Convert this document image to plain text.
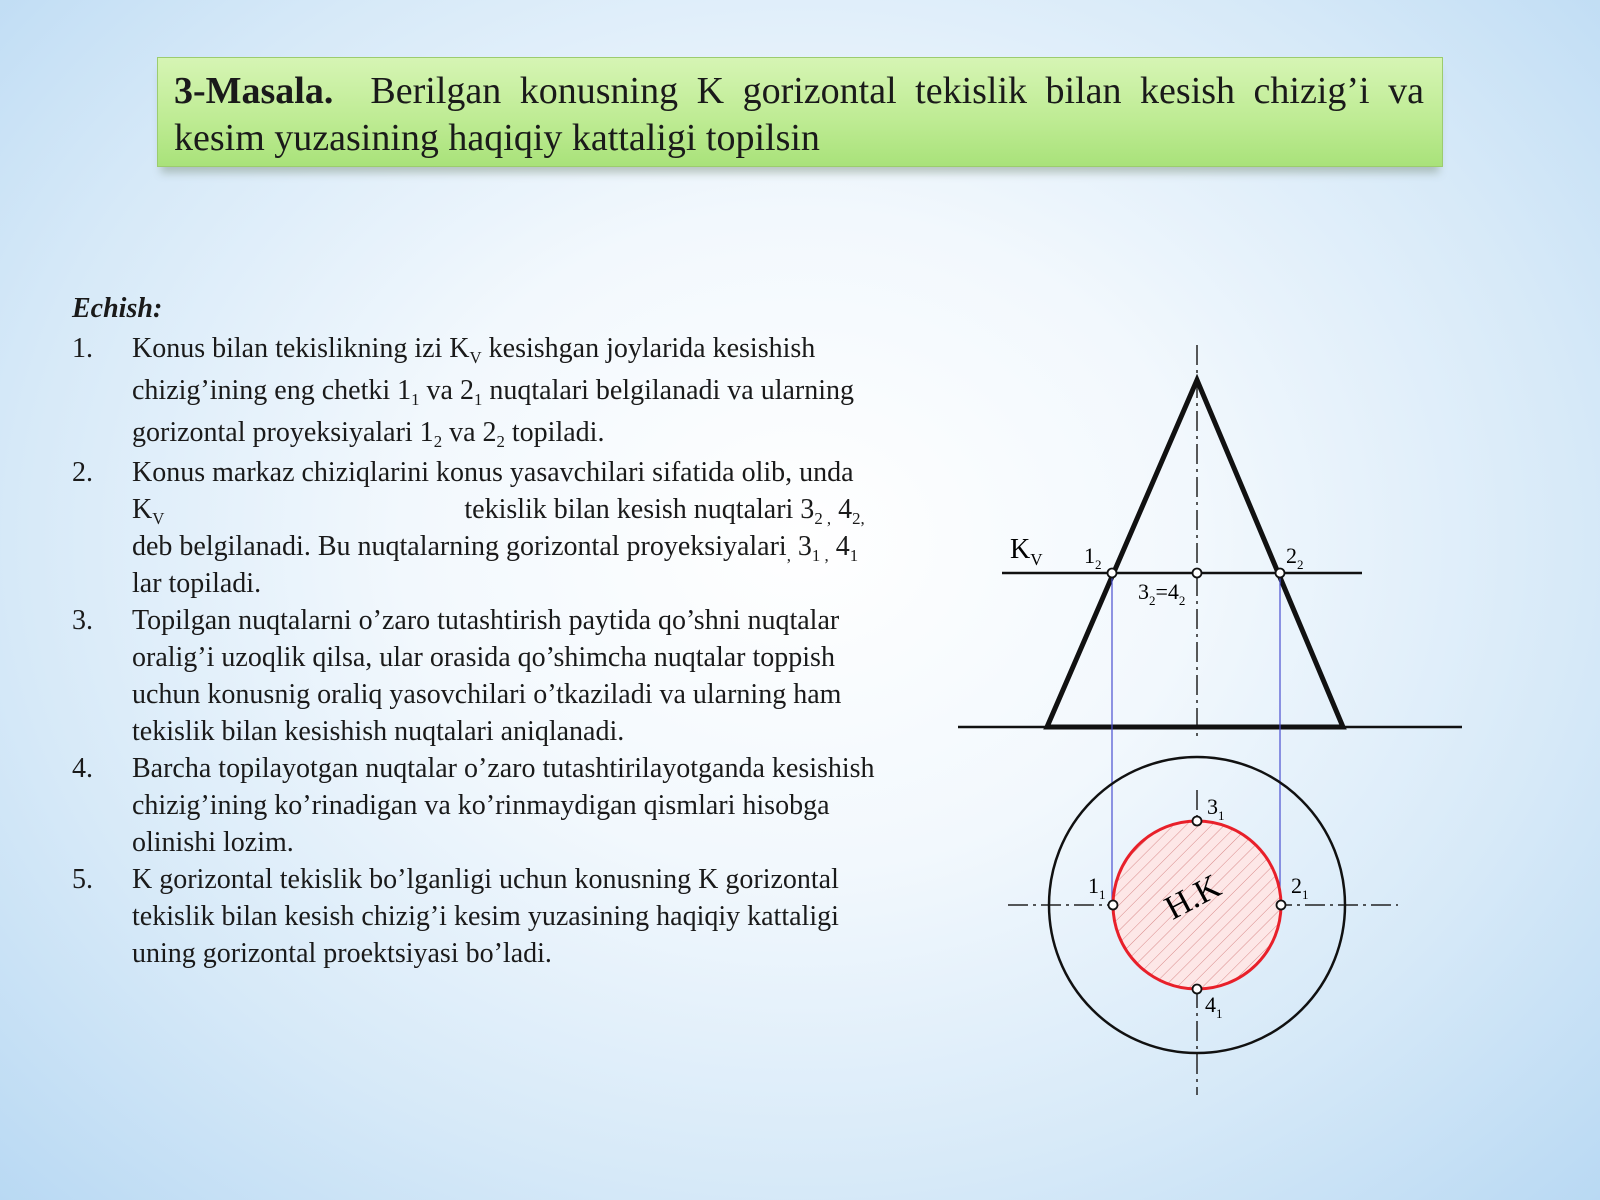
3-Masala. Berilgan konusning K gorizontal tekislik bilan kesish chizig’i va kesim yuzasining haqiqiy kattaligi topilsin
Echish:
1.	Konus bilan tekislikning izi $K_V$ kesishgan joylarida kesishish chizig’ining eng chetki $1_1$ va $2_1$ nuqtalari belgilanadi va ularning gorizontal proyeksiyalari $1_2$ va $2_2$ topiladi.
2.	Konus markaz chiziqlarini konus yasavchilari sifatida olib, unda $K_V$	tekislik bilan kesish nuqtalari $3_{2 ,}$ $4_{2,}$ deb belgilanadi. Bu nuqtalarning gorizontal proyeksiyalari$_,$ $3_{1 ,}$ $4_1$ lar topiladi.
3.	Topilgan nuqtalarni o’zaro tutashtirish paytida qo’shni nuqtalar oralig’i uzoqlik qilsa, ular orasida qo’shimcha nuqtalar toppish uchun konusnig oraliq yasovchilari o’tkaziladi va ularning ham tekislik bilan kesishish nuqtalari aniqlanadi.
4.	Barcha topilayotgan nuqtalar o’zaro tutashtirilayotganda kesishish chizig’ining ko’rinadigan va ko’rinmaydigan qismlari hisobga olinishi lozim.
5.	K gorizontal tekislik bo’lganligi uchun konusning K gorizontal tekislik bilan kesish chizig’i kesim yuzasining haqiqiy kattaligi uning gorizontal proektsiyasi bo’ladi.
$K_V$ $1_2$	$2_2$
$3_2=4_2$
$3_1$
$4_1$
$1_1$	$2_1$
H.K
